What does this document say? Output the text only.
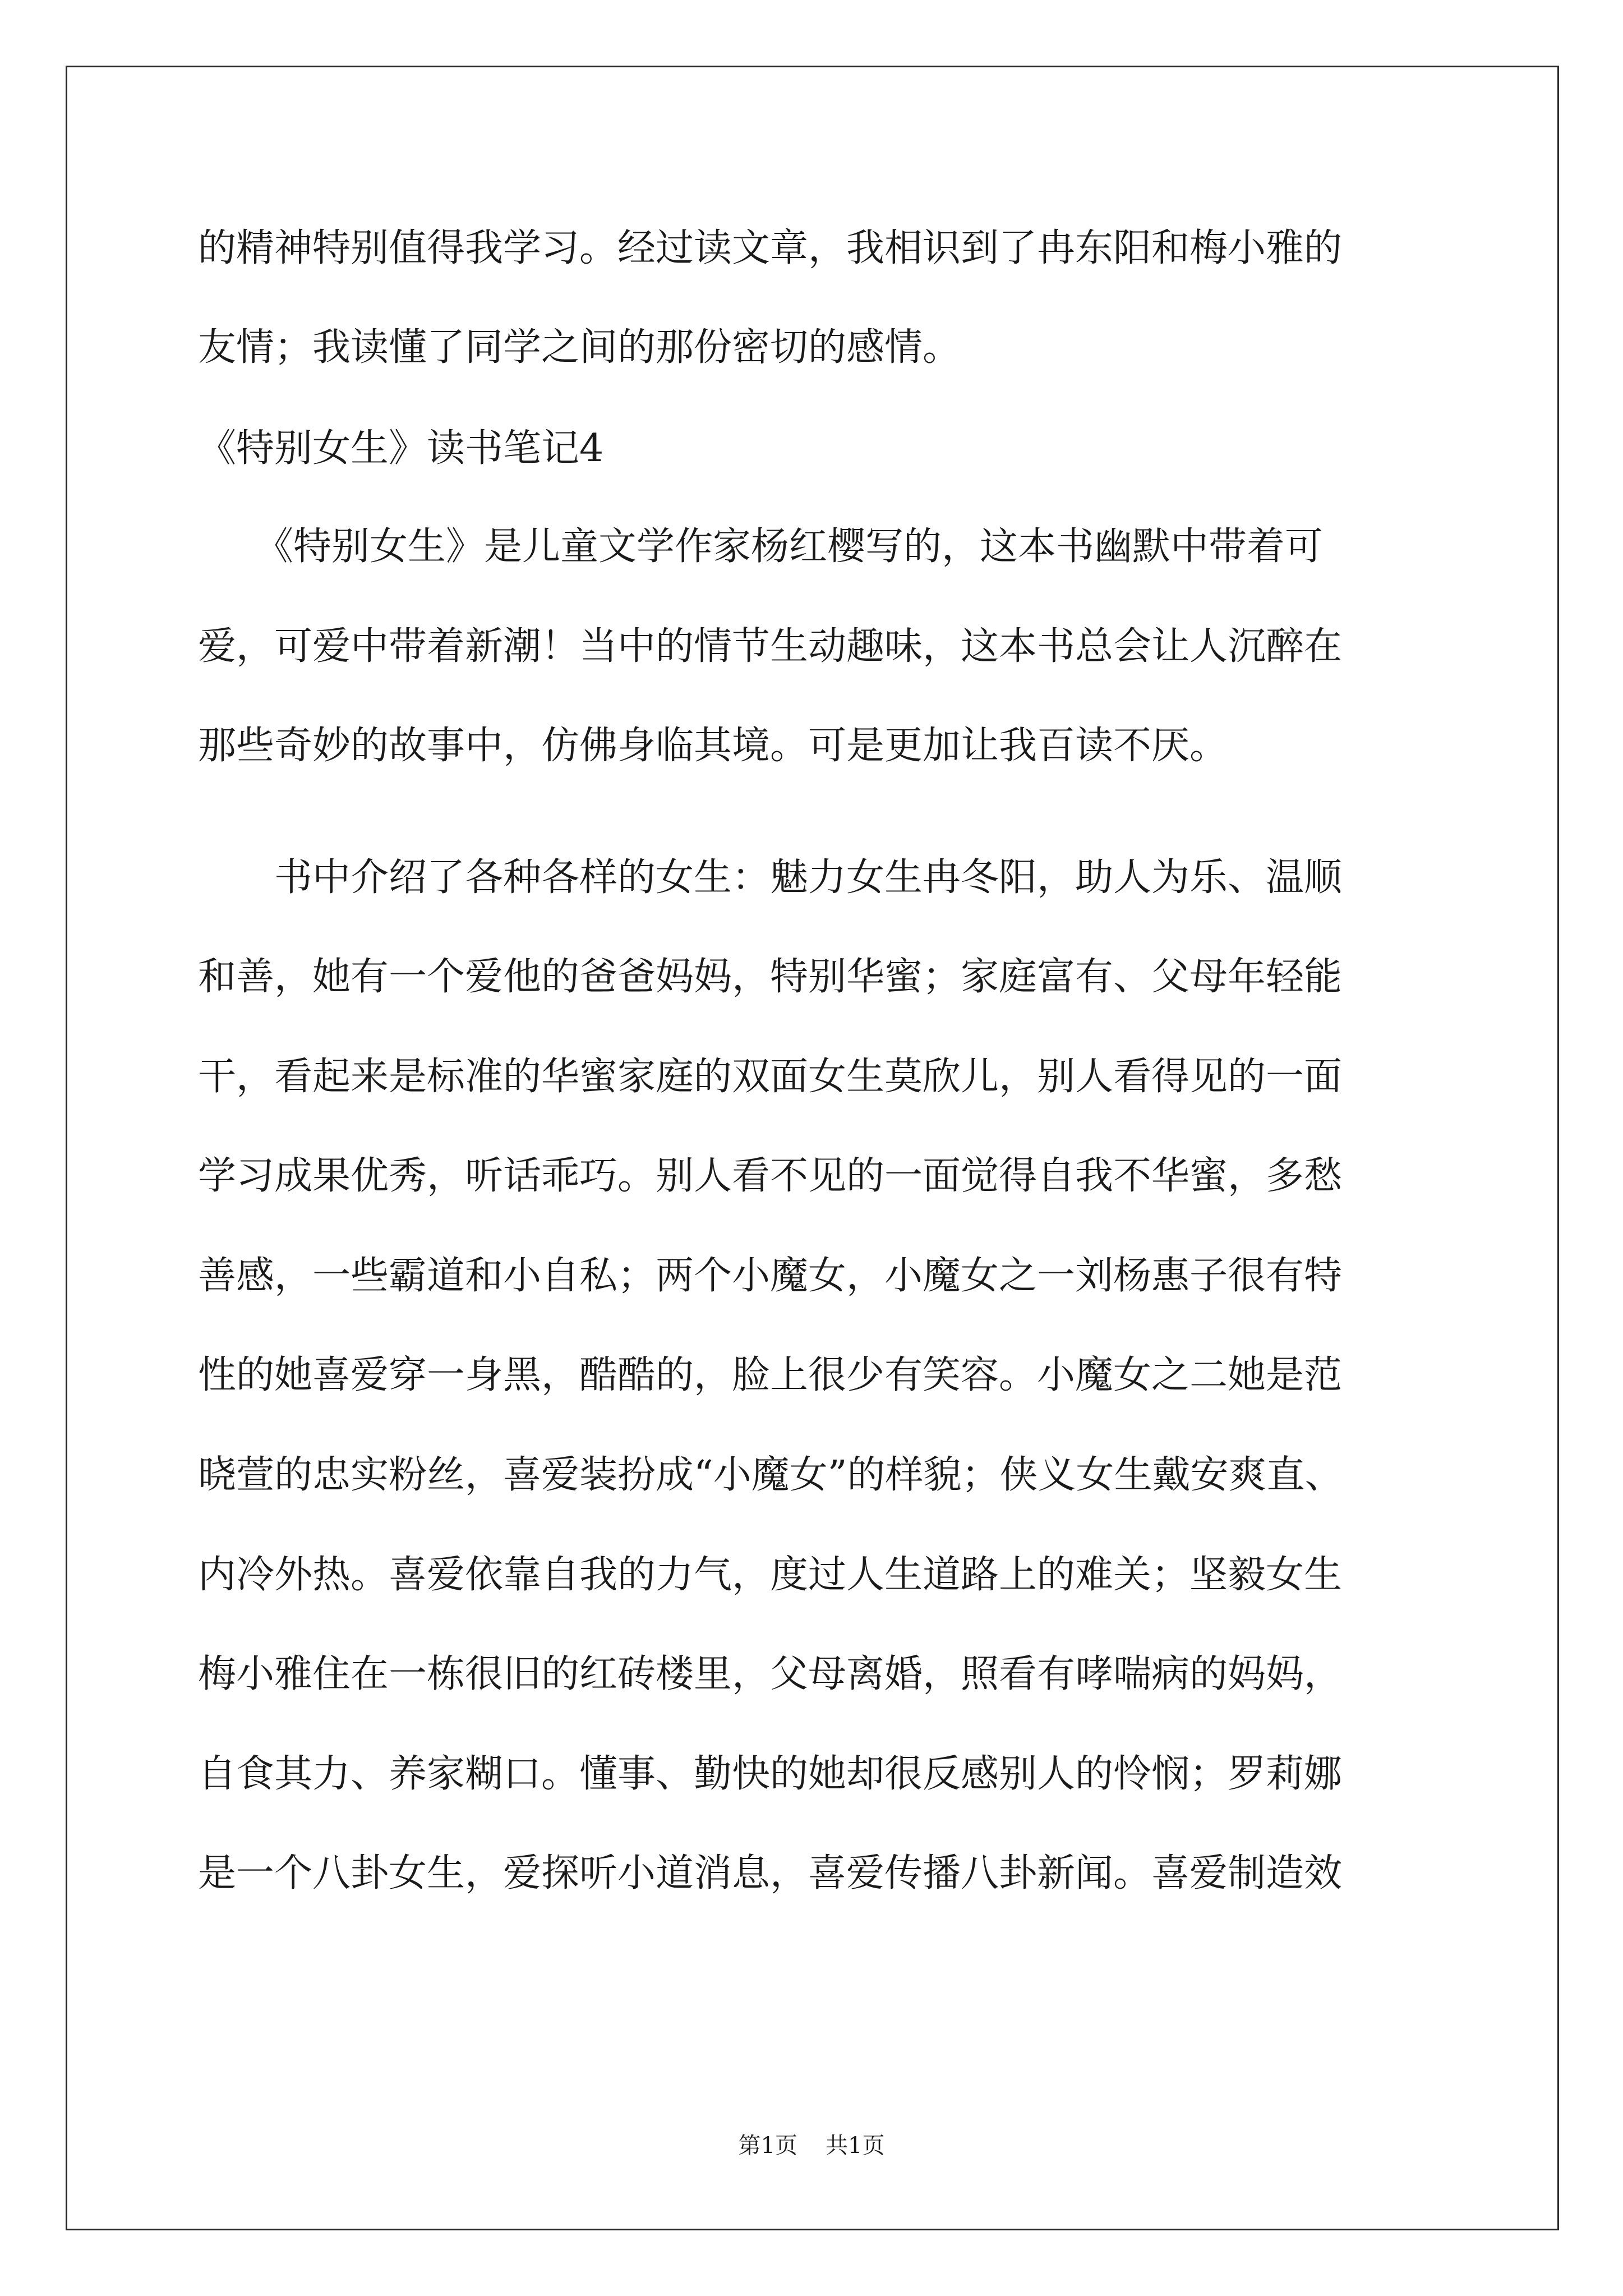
的精神特别值得我学习。经过读文章，我相识到了冉东阳和梅小雅的
友情；我读懂了同学之间的那份密切的感情。
《特别女生》读书笔记4
　　《特别女生》是儿童文学作家杨红樱写的，这本书幽默中带着可
爱，可爱中带着新潮！当中的情节生动趣味，这本书总会让人沉醉在
那些奇妙的故事中，仿佛身临其境。可是更加让我百读不厌。
　　书中介绍了各种各样的女生：魅力女生冉冬阳，助人为乐、温顺
和善，她有一个爱他的爸爸妈妈，特别华蜜；家庭富有、父母年轻能
干，看起来是标准的华蜜家庭的双面女生莫欣儿，别人看得见的一面
学习成果优秀，听话乖巧。别人看不见的一面觉得自我不华蜜，多愁
善感，一些霸道和小自私；两个小魔女，小魔女之一刘杨惠子很有特
性的她喜爱穿一身黑，酷酷的，脸上很少有笑容。小魔女之二她是范
晓萱的忠实粉丝，喜爱装扮成“小魔女”的样貌；侠义女生戴安爽直、
内冷外热。喜爱依靠自我的力气，度过人生道路上的难关；坚毅女生
梅小雅住在一栋很旧的红砖楼里，父母离婚，照看有哮喘病的妈妈，
自食其力、养家糊口。懂事、勤快的她却很反感别人的怜悯；罗莉娜
是一个八卦女生，爱探听小道消息，喜爱传播八卦新闻。喜爱制造效
第1页 共1页
